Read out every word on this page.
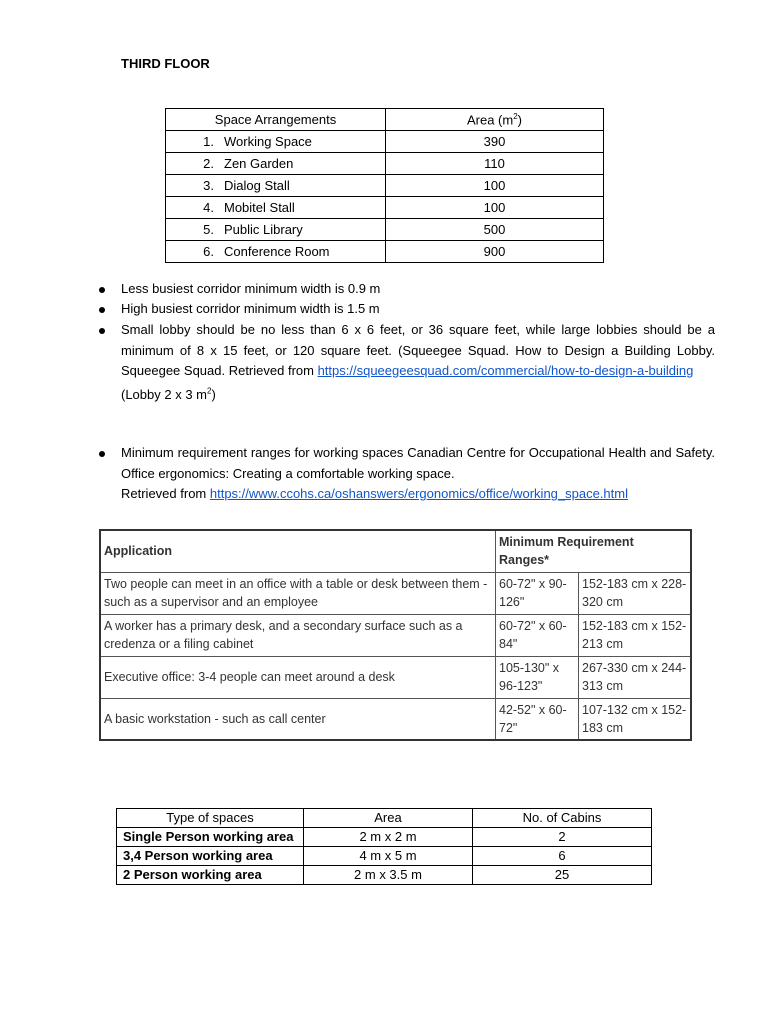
THIRD FLOOR
Space Arrangements	Area $(m^2)$
1. Working Space	390
2. Zen Garden	110
3. Dialog Stall	100
4. Mobitel Stall	100
5. Public Library	500
6. Conference Room	900
Less busiest corridor minimum width is 0.9 m
High busiest corridor minimum width is 1.5 m
Small lobby should be no less than 6 x 6 feet, or 36 square feet, while large lobbies should be a minimum of 8 x 15 feet, or 120 square feet. (Squeegee Squad. How to Design a Building Lobby. Squeegee Squad. Retrieved from https://squeegeesquad.com/commercial/how-to-design-a-building
(Lobby 2 x 3 $m^2$)
Minimum requirement ranges for working spaces Canadian Centre for Occupational Health and Safety. Office ergonomics: Creating a comfortable working space.
Retrieved from https://www.ccohs.ca/oshanswers/ergonomics/office/working_space.html
Application	Minimum Requirement Ranges*	
Two people can meet in an office with a table or desk between them - such as a supervisor and an employee	60-72" x 90-126"	152-183 cm x 228-320 cm
A worker has a primary desk, and a secondary surface such as a credenza or a filing cabinet	60-72" x 60-84"	152-183 cm x 152-213 cm
Executive office: 3-4 people can meet around a desk	105-130" x 96-123"	267-330 cm x 244-313 cm
A basic workstation - such as call center	42-52" x 60-72"	107-132 cm x 152-183 cm
Type of spaces	Area	No. of Cabins
Single Person working area	2 m x 2 m	2
3,4 Person working area	4 m x 5 m	6
2 Person working area	2 m x 3.5 m	25
